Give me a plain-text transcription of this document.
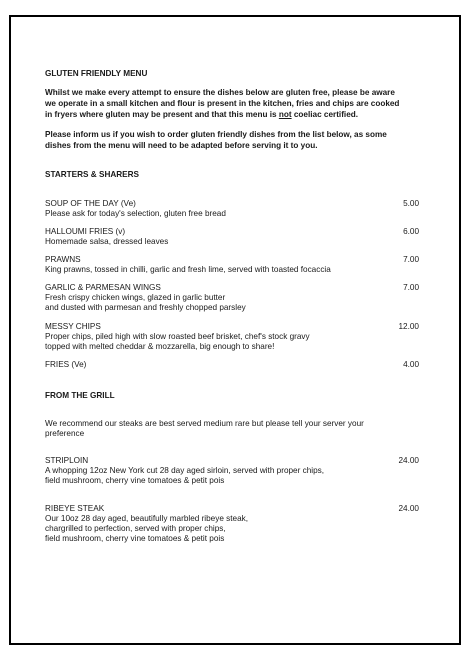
GLUTEN FRIENDLY MENU
Whilst we make every attempt to ensure the dishes below are gluten free, please be aware
we operate in a small kitchen and flour is present in the kitchen, fries and chips are cooked
in fryers where gluten may be present and that this menu is not coeliac certified.
Please inform us if you wish to order gluten friendly dishes from the list below, as some
dishes from the menu will need to be adapted before serving it to you.
STARTERS & SHARERS
SOUP OF THE DAY (Ve)	5.00
Please ask for today's selection, gluten free bread
HALLOUMI FRIES (v)	6.00
Homemade salsa, dressed leaves
PRAWNS	7.00
King prawns, tossed in chilli, garlic and fresh lime, served with toasted focaccia
GARLIC & PARMESAN WINGS	7.00
Fresh crispy chicken wings, glazed in garlic butter
and dusted with parmesan and freshly chopped parsley
MESSY CHIPS	12.00
Proper chips, piled high with slow roasted beef brisket, chef's stock gravy
topped with melted cheddar & mozzarella, big enough to share!
FRIES (Ve)	4.00
FROM THE GRILL
We recommend our steaks are best served medium rare but please tell your server your
preference
STRIPLOIN	24.00
A whopping 12oz New York cut 28 day aged sirloin, served with proper chips,
field mushroom, cherry vine tomatoes & petit pois
RIBEYE STEAK	24.00
Our 10oz 28 day aged, beautifully marbled ribeye steak,
chargrilled to perfection, served with proper chips,
field mushroom, cherry vine tomatoes & petit pois
